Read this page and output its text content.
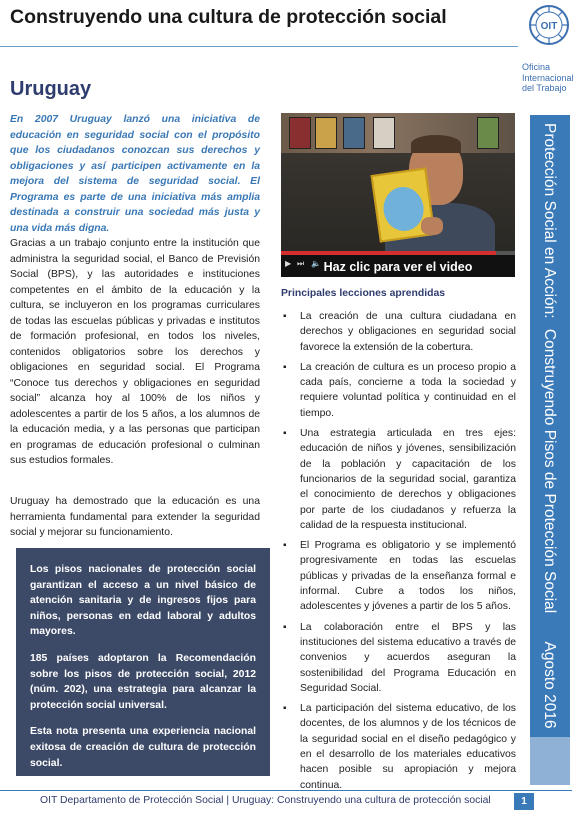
Construyendo una cultura de protección social	OIT
Oficina
Internacional
del Trabajo
Uruguay

En 2007 Uruguay lanzó una iniciativa de educación en seguridad social con el propósito que los ciudadanos conozcan sus derechos y obligaciones y así participen activamente en la mejora del sistema de seguridad social. El Programa es parte de una iniciativa más amplia destinada a construir una sociedad más justa y una vida más digna.

Gracias a un trabajo conjunto entre la institución que administra la seguridad social, el Banco de Previsión Social (BPS), y las autoridades e instituciones competentes en el ámbito de la educación y la cultura, se incluyeron en los programas curriculares de todas las escuelas públicas y privadas e institutos de formación profesional, en todos los niveles, contenidos obligatorios sobre los derechos y obligaciones en seguridad social. El Programa “Conoce tus derechos y obligaciones en seguridad social” alcanza hoy al 100% de los niños y adolescentes a partir de los 5 años, a los alumnos de la educación media, y a las personas que participan en programas de educación profesional o culminan sus estudios formales.

Uruguay ha demostrado que la educación es una herramienta fundamental para extender la seguridad social y mejorar su funcionamiento.

Los pisos nacionales de protección social garantizan el acceso a un nivel básico de atención sanitaria y de ingresos fijos para niños, personas en edad laboral y adultos mayores.

185 países adoptaron la Recomendación sobre los pisos de protección social, 2012 (núm. 202), una estrategia para alcanzar la protección social universal.

Esta nota presenta una experiencia nacional exitosa de creación de cultura de protección social.

▶ ⏭ 🔈 Haz clic para ver el video
Principales lecciones aprendidas
▪ La creación de una cultura ciudadana en derechos y obligaciones en seguridad social favorece la extensión de la cobertura.
▪ La creación de cultura es un proceso propio a cada país, concierne a toda la sociedad y requiere voluntad política y continuidad en el tiempo.
▪ Una estrategia articulada en tres ejes: educación de niños y jóvenes, sensibilización de la población y capacitación de los funcionarios de la seguridad social, garantiza el conocimiento de derechos y obligaciones por parte de los ciudadanos y refuerza la calidad de la respuesta institucional.
▪ El Programa es obligatorio y se implementó progresivamente en todas las escuelas públicas y privadas de la enseñanza formal e informal. Cubre a todos los niños, adolescentes y jóvenes a partir de los 5 años.
▪ La colaboración entre el BPS y las instituciones del sistema educativo a través de convenios y acuerdos aseguran la sostenibilidad del Programa Educación en Seguridad Social.
▪ La participación del sistema educativo, de los docentes, de los alumnos y de los técnicos de la seguridad social en el diseño pedagógico y en el desarrollo de los materiales educativos hacen posible su apropiación y mejora continua.
Protección Social en Acción: Construyendo Pisos de Protección Social Agosto 2016
OIT Departamento de Protección Social | Uruguay: Construyendo una cultura de protección social	1
